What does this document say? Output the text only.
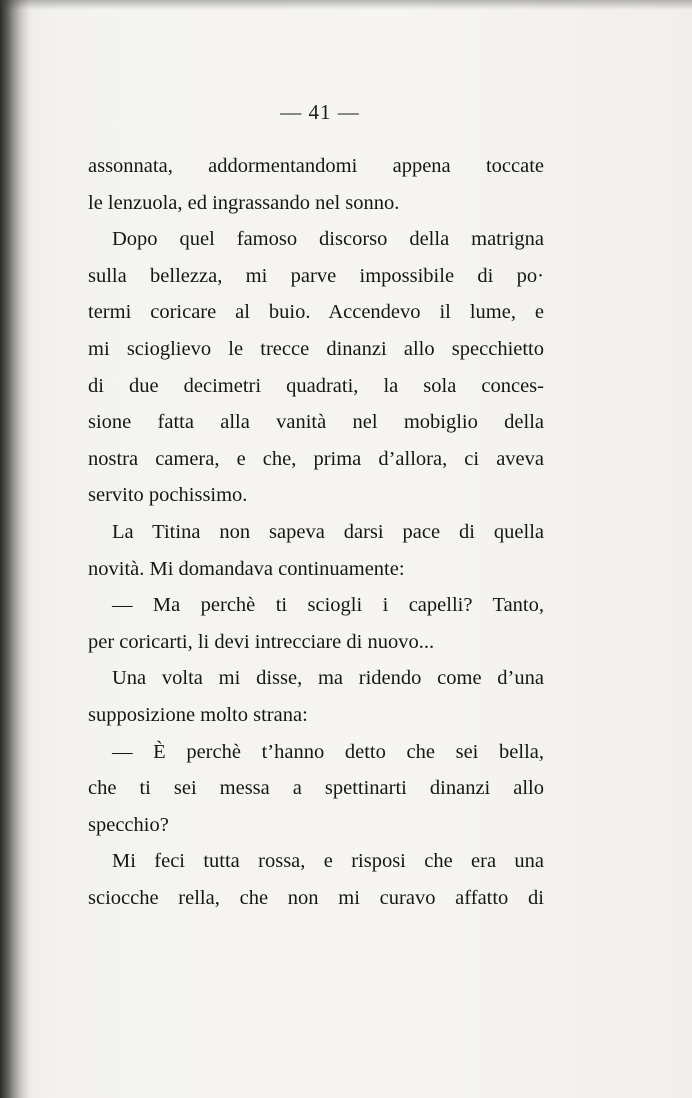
— 41 —
assonnata, addormentandomi appena toccate
le lenzuola, ed ingrassando nel sonno.
Dopo quel famoso discorso della matrigna
sulla bellezza, mi parve impossibile di po·
termi coricare al buio. Accendevo il lume, e
mi scioglievo le trecce dinanzi allo specchietto
di due decimetri quadrati, la sola conces-
sione fatta alla vanità nel mobiglio della
nostra camera, e che, prima d’allora, ci aveva
servito pochissimo.
La Titina non sapeva darsi pace di quella
novità. Mi domandava continuamente:
— Ma perchè ti sciogli i capelli? Tanto,
per coricarti, li devi intrecciare di nuovo...
Una volta mi disse, ma ridendo come d’una
supposizione molto strana:
— È perchè t’hanno detto che sei bella,
che ti sei messa a spettinarti dinanzi allo
specchio?
Mi feci tutta rossa, e risposi che era una
sciocche rella, che non mi curavo affatto di
